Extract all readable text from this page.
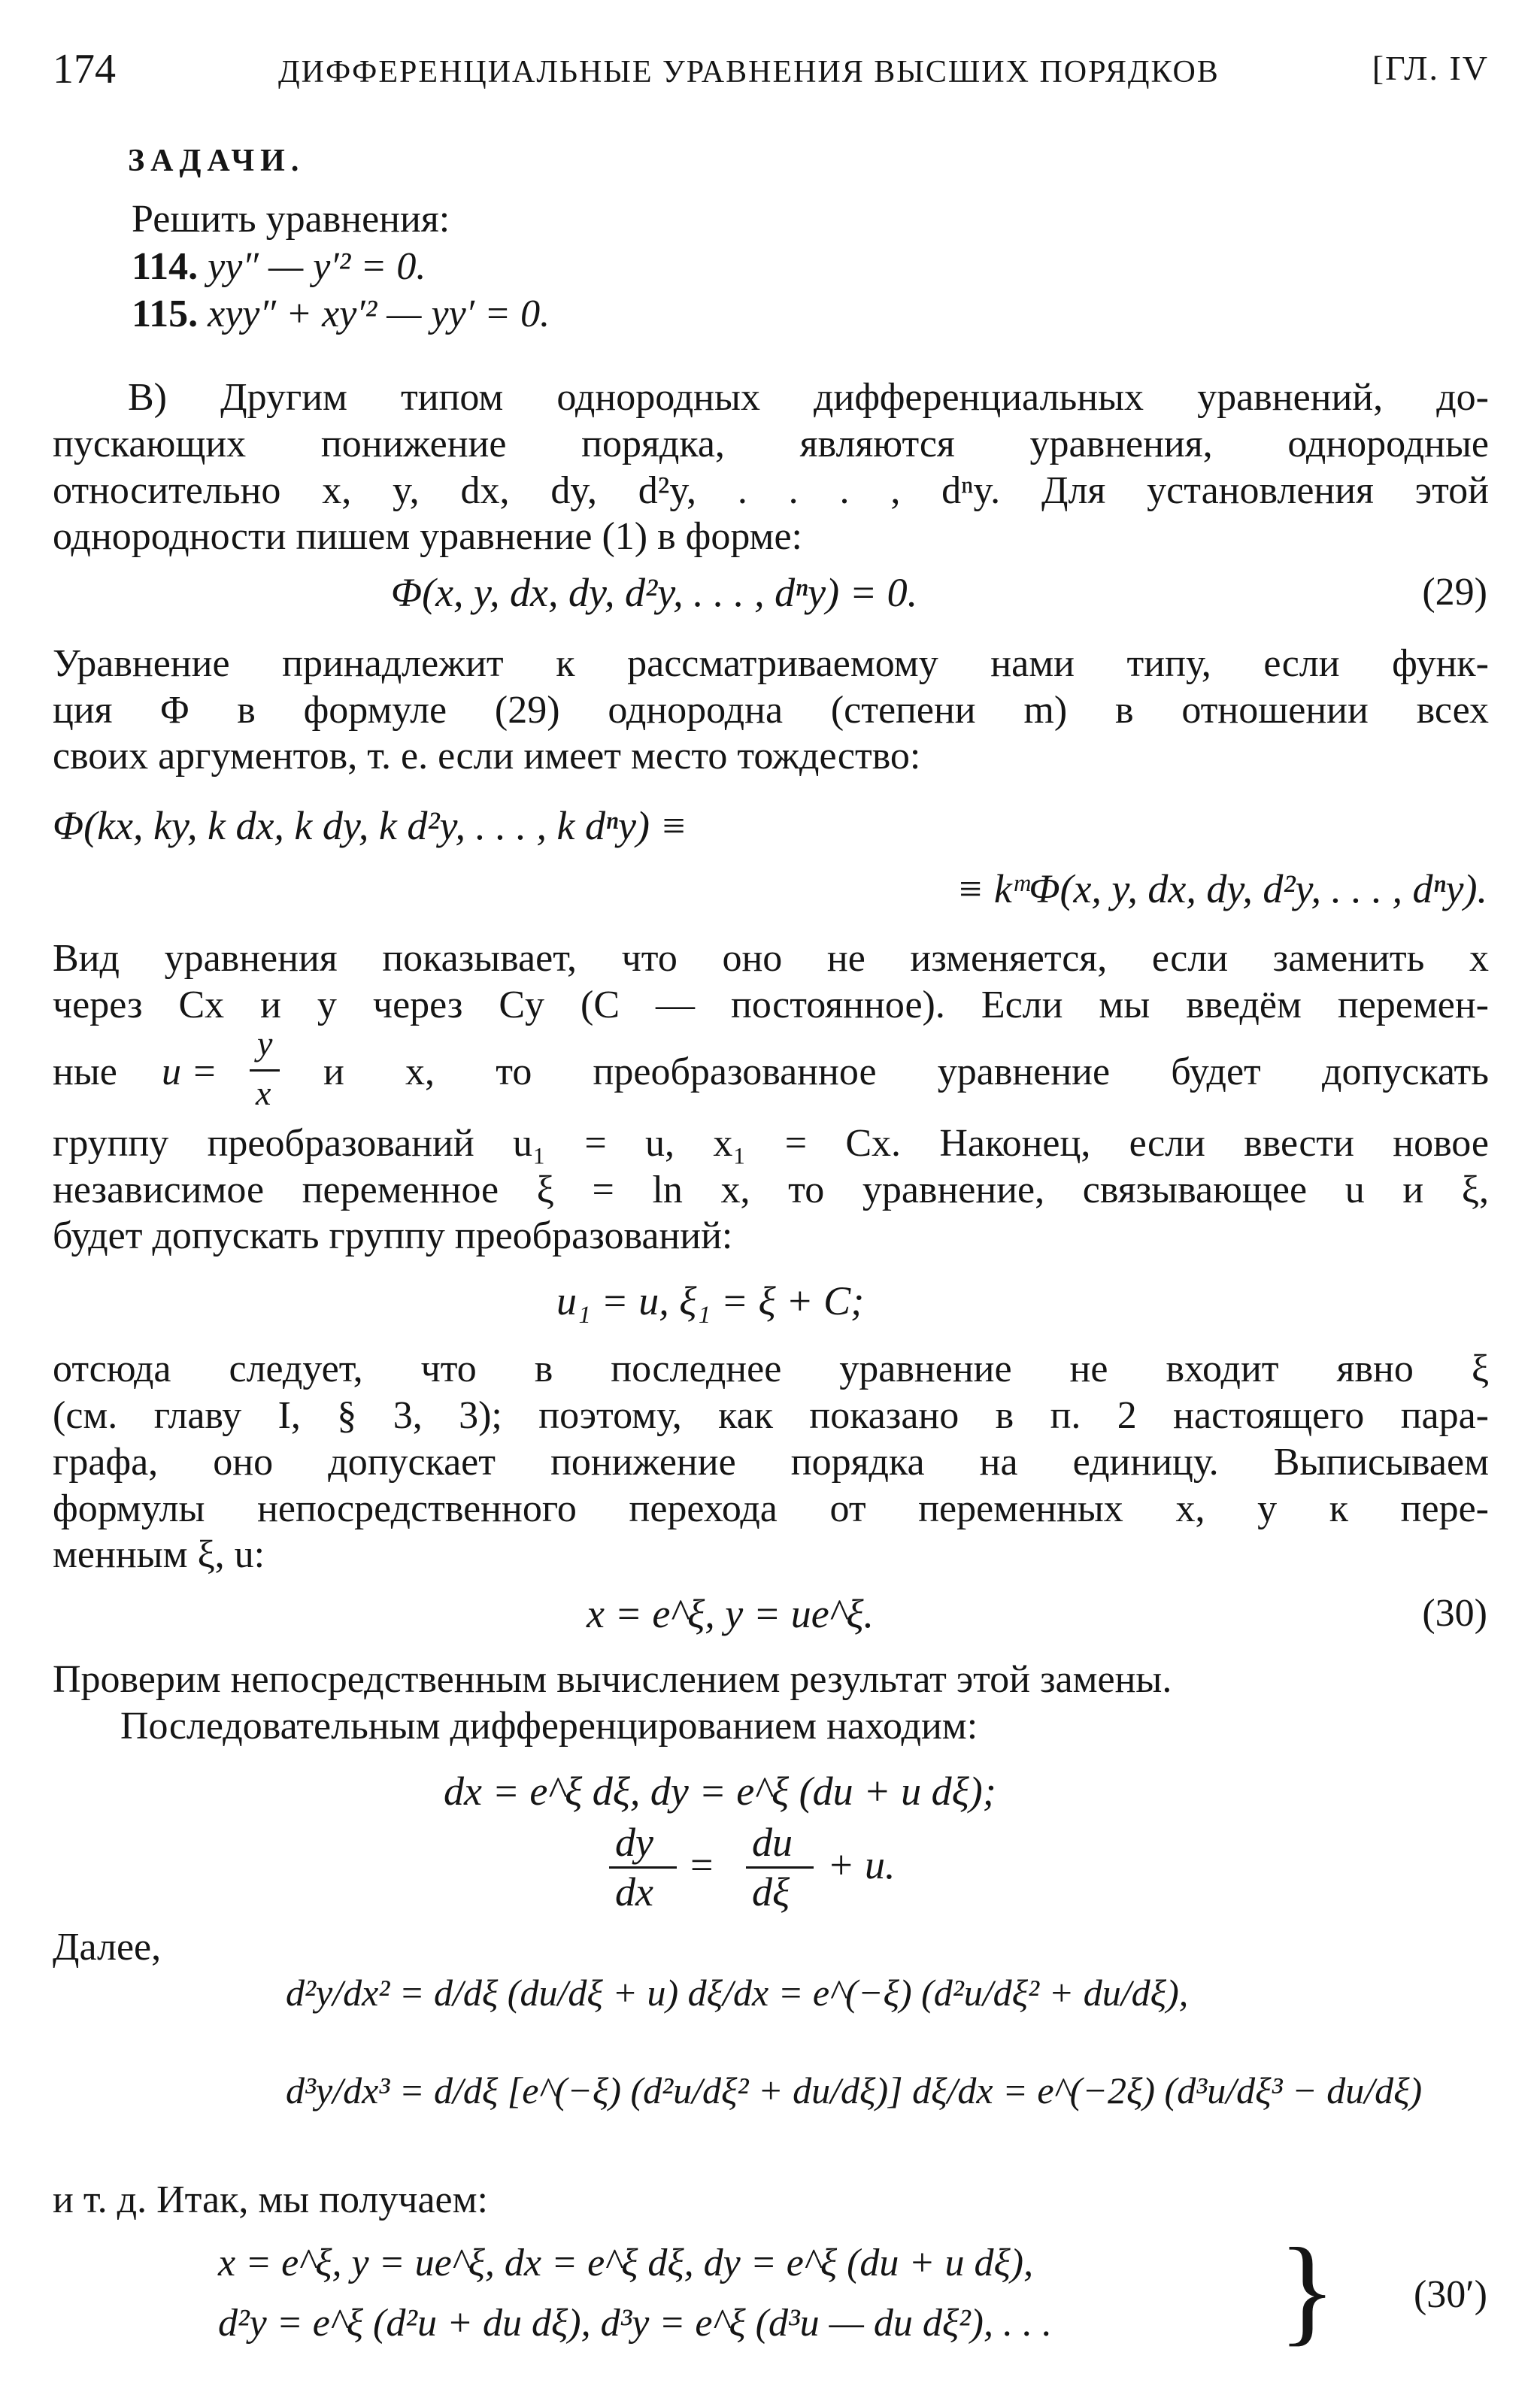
174	ДИФФЕРЕНЦИАЛЬНЫЕ УРАВНЕНИЯ ВЫСШИХ ПОРЯДКОВ	[ГЛ. IV
ЗАДАЧИ.
Решить уравнения:
114. yy″ — y′² = 0.
115. xyy″ + xy′² — yy′ = 0.
В) Другим типом однородных дифференциальных уравнений, до-
пускающих понижение порядка, являются уравнения, однородные
относительно x, y, dx, dy, d²y, . . . , dⁿy. Для установления этой
однородности пишем уравнение (1) в форме:
Φ(x, y, dx, dy, d²y, . . . , dⁿy) = 0.	(29)
Уравнение принадлежит к рассматриваемому нами типу, если функ-
ция Φ в формуле (29) однородна (степени m) в отношении всех
своих аргументов, т. е. если имеет место тождество:
Φ(kx, ky, k dx, k dy, k d²y, . . . , k dⁿy) ≡
≡ kᵐΦ(x, y, dx, dy, d²y, . . . , dⁿy).
Вид уравнения показывает, что оно не изменяется, если заменить x
через Cx и y через Cy (C — постоянное). Если мы введём перемен-
ные u =
y
x и x, то преобразованное уравнение будет допускать
группу преобразований u₁ = u, x₁ = Cx. Наконец, если ввести новое
независимое переменное ξ = ln x, то уравнение, связывающее u и ξ,
будет допускать группу преобразований:
u₁ = u, ξ₁ = ξ + C;
отсюда следует, что в последнее уравнение не входит явно ξ
(см. главу I, § 3, 3); поэтому, как показано в п. 2 настоящего пара-
графа, оно допускает понижение порядка на единицу. Выписываем
формулы непосредственного перехода от переменных x, y к пере-
менным ξ, u:
x = e^ξ, y = ue^ξ.	(30)
Проверим непосредственным вычислением результат этой замены.
Последовательным дифференцированием находим:
dx = e^ξ dξ, dy = e^ξ (du + u dξ);
dy
dx
= du
dξ
+ u.
Далее,
d²y/dx² = d/dξ (du/dξ + u) dξ/dx = e^(−ξ) (d²u/dξ² + du/dξ),
d³y/dx³ = d/dξ [e^(−ξ) (d²u/dξ² + du/dξ)] dξ/dx = e^(−2ξ) (d³u/dξ³ − du/dξ)
и т. д. Итак, мы получаем:
x = e^ξ, y = ue^ξ, dx = e^ξ dξ, dy = e^ξ (du + u dξ),
d²y = e^ξ (d²u + du dξ), d³y = e^ξ (d³u — du dξ²), . . . } (30′)
